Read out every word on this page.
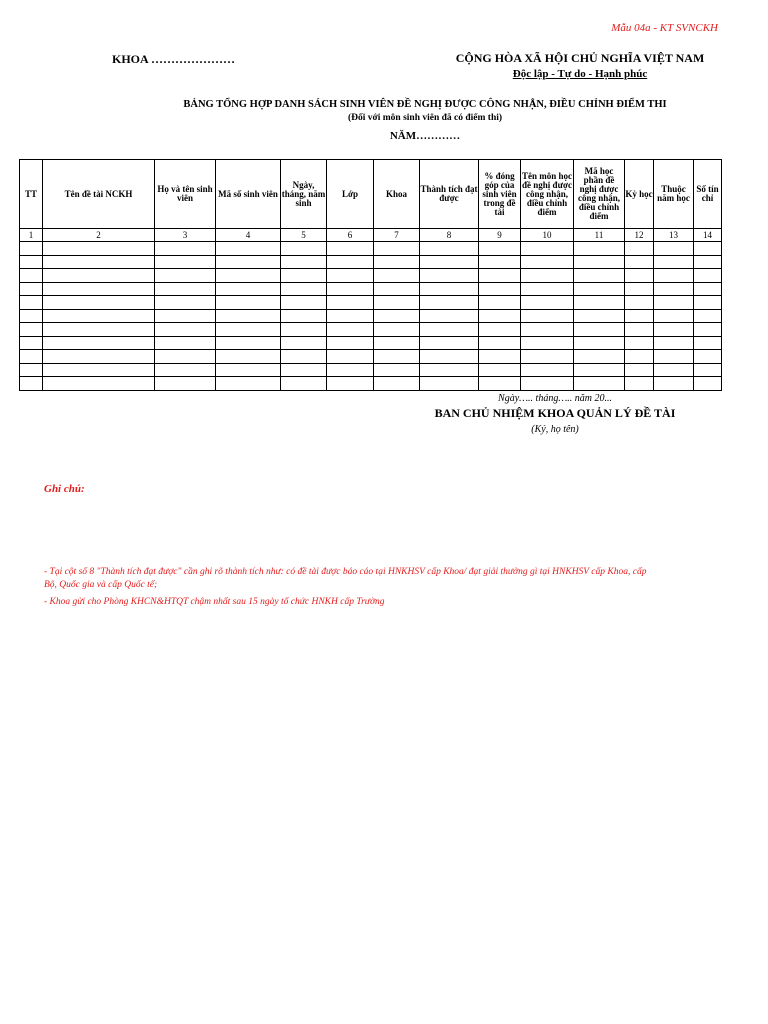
Mẫu 04a - KT SVNCKH
KHOA …………………	CỘNG HÒA XÃ HỘI CHỦ NGHĨA VIỆT NAM
Độc lập - Tự do - Hạnh phúc
BẢNG TỔNG HỢP DANH SÁCH SINH VIÊN ĐỀ NGHỊ ĐƯỢC CÔNG NHẬN, ĐIỀU CHỈNH ĐIỂM THI
(Đối với môn sinh viên đã có điểm thi)
NĂM…………
TT	Tên đề tài NCKH	Họ và tên sinh viên	Mã số sinh viên	Ngày, tháng, năm sinh	Lớp	Khoa	Thành tích đạt được	% đóng góp của sinh viên trong đề tài	Tên môn học đề nghị được công nhận, điều chỉnh điểm	Mã học phần đề nghị được công nhận, điều chỉnh điểm	Kỳ học	Thuộc năm học	Số tín chỉ
1	2	3	4	5	6	7	8	9	10	11	12	13	14

Ngày….. tháng….. năm 20...
BAN CHỦ NHIỆM KHOA QUẢN LÝ ĐỀ TÀI
(Ký, họ tên)
Ghi chú:
- Tại cột số 8 "Thành tích đạt được" cần ghi rõ thành tích như: có đề tài được báo cáo tại HNKHSV cấp Khoa/ đạt giải thưởng gì tại HNKHSV cấp Khoa, cấp
Bộ, Quốc gia và cấp Quốc tế;
- Khoa gửi cho Phòng KHCN&HTQT chậm nhất sau 15 ngày tổ chức HNKH cấp Trường
